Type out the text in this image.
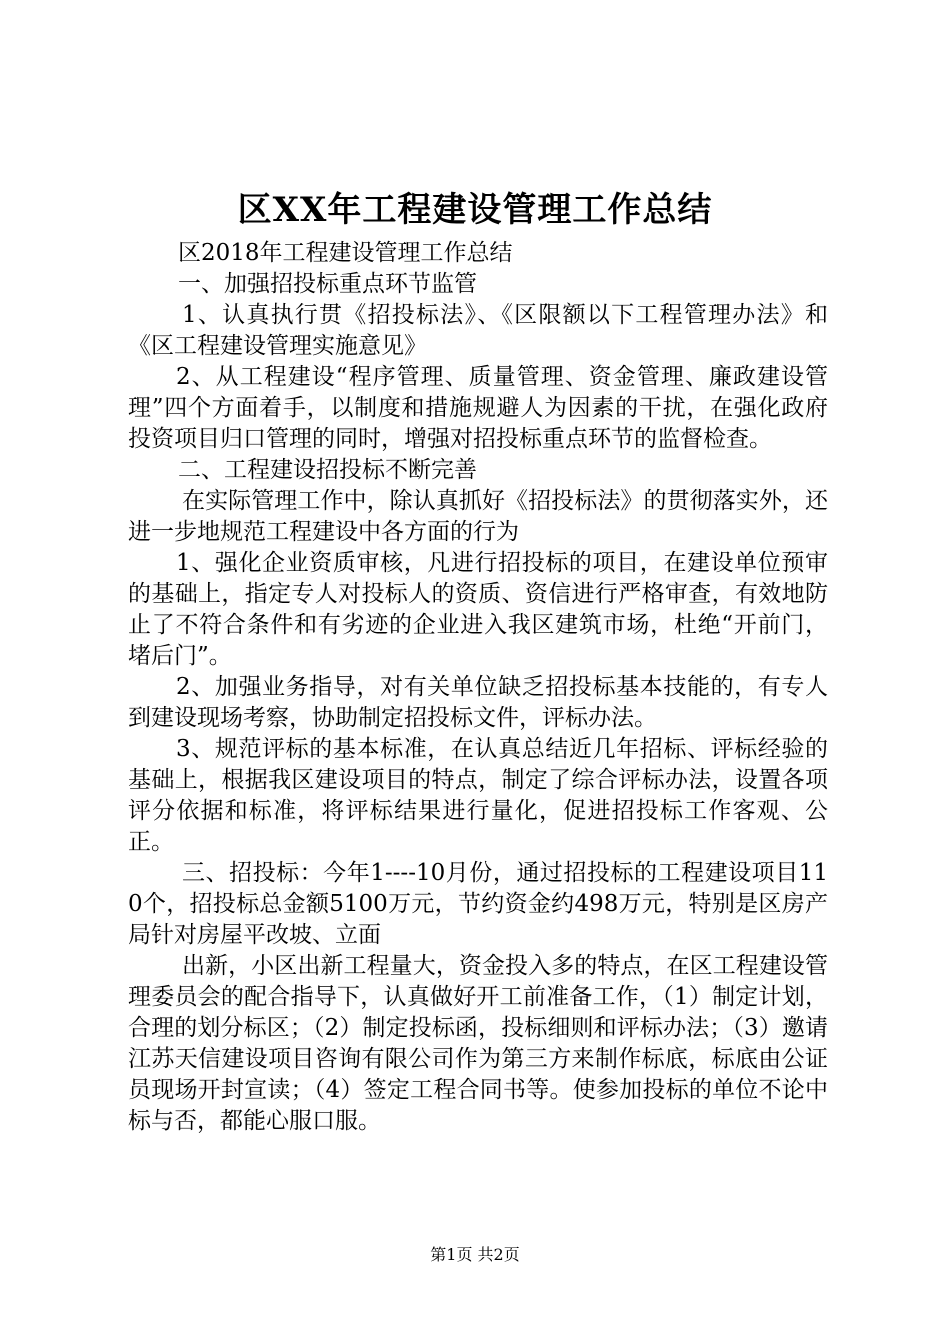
区XX年工程建设管理工作总结

区2018年工程建设管理工作总结

一、加强招投标重点环节监管

1、认真执行贯《招投标法》、《区限额以下工程管理办法》和《区工程建设管理实施意见》

2、从工程建设“程序管理、质量管理、资金管理、廉政建设管理”四个方面着手，以制度和措施规避人为因素的干扰，在强化政府投资项目归口管理的同时，增强对招投标重点环节的监督检查。

二、工程建设招投标不断完善

在实际管理工作中，除认真抓好《招投标法》的贯彻落实外，还进一步地规范工程建设中各方面的行为

1、强化企业资质审核，凡进行招投标的项目，在建设单位预审的基础上，指定专人对投标人的资质、资信进行严格审查，有效地防止了不符合条件和有劣迹的企业进入我区建筑市场，杜绝“开前门，堵后门”。

2、加强业务指导，对有关单位缺乏招投标基本技能的，有专人到建设现场考察，协助制定招投标文件，评标办法。

3、规范评标的基本标准，在认真总结近几年招标、评标经验的基础上，根据我区建设项目的特点，制定了综合评标办法，设置各项评分依据和标准，将评标结果进行量化，促进招投标工作客观、公正。

三、招投标：今年1----10月份，通过招投标的工程建设项目110个，招投标总金额5100万元，节约资金约498万元，特别是区房产局针对房屋平改坡、立面

出新，小区出新工程量大，资金投入多的特点，在区工程建设管理委员会的配合指导下，认真做好开工前准备工作，（1）制定计划，合理的划分标区；（2）制定投标函，投标细则和评标办法；（3）邀请江苏天信建设项目咨询有限公司作为第三方来制作标底，标底由公证员现场开封宣读；（4）签定工程合同书等。使参加投标的单位不论中标与否，都能心服口服。

第1页 共2页
